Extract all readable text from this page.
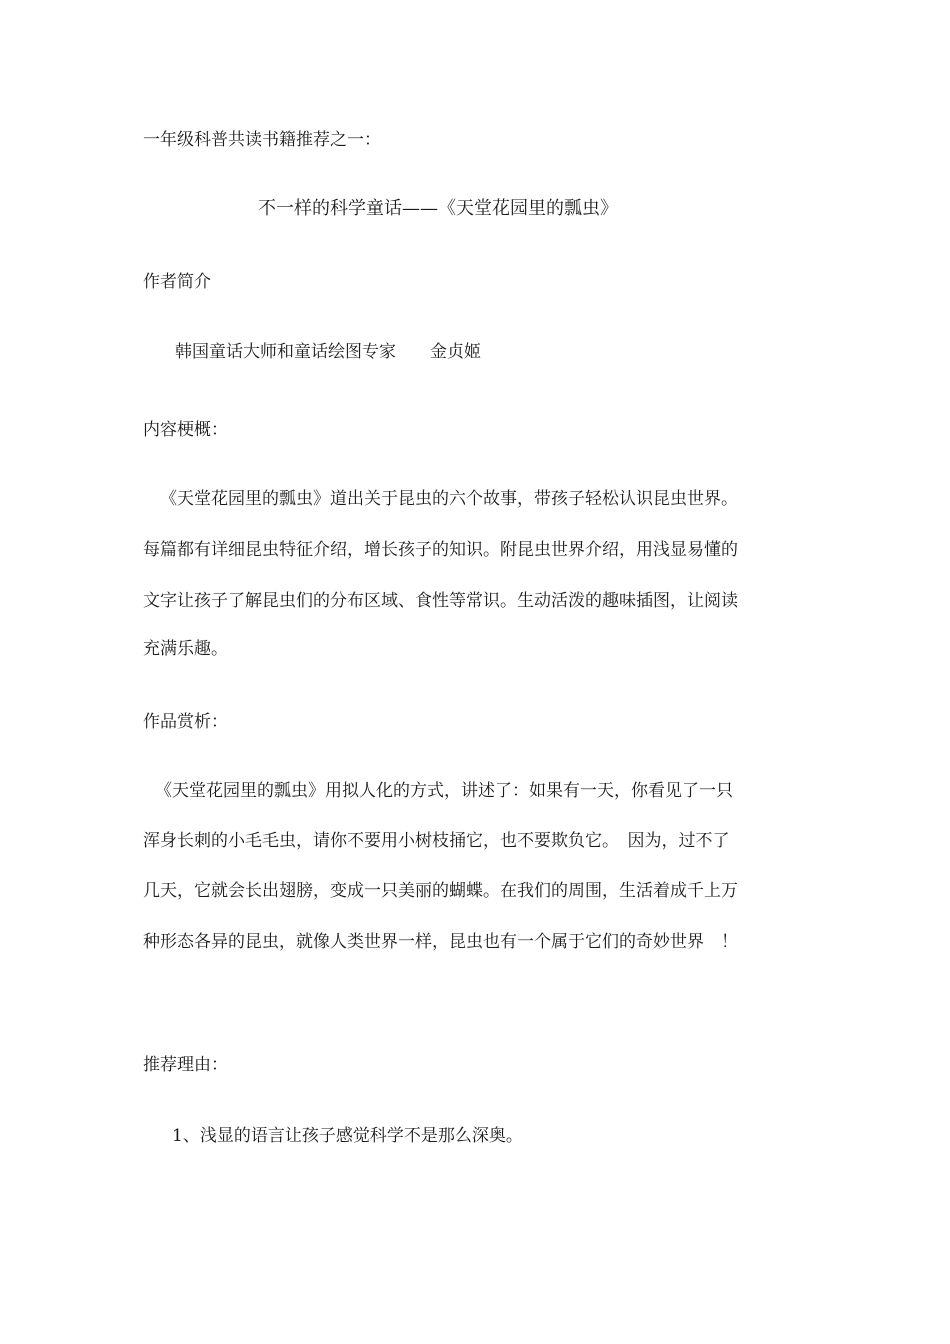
一年级科普共读书籍推荐之一：
不一样的科学童话——《天堂花园里的瓢虫》
作者简介
韩国童话大师和童话绘图专家　　金贞姬
内容梗概：
《天堂花园里的瓢虫》道出关于昆虫的六个故事，带孩子轻松认识昆虫世界。
每篇都有详细昆虫特征介绍，增长孩子的知识。附昆虫世界介绍，用浅显易懂的
文字让孩子了解昆虫们的分布区域、食性等常识。生动活泼的趣味插图，让阅读
充满乐趣。
作品赏析：
《天堂花园里的瓢虫》用拟人化的方式，讲述了：如果有一天，你看见了一只
浑身长刺的小毛毛虫，请你不要用小树枝捅它，也不要欺负它。　因为，过不了
几天，它就会长出翅膀，变成一只美丽的蝴蝶。在我们的周围，生活着成千上万
种形态各异的昆虫，就像人类世界一样，昆虫也有一个属于它们的奇妙世界　！
推荐理由：
1、浅显的语言让孩子感觉科学不是那么深奥。
